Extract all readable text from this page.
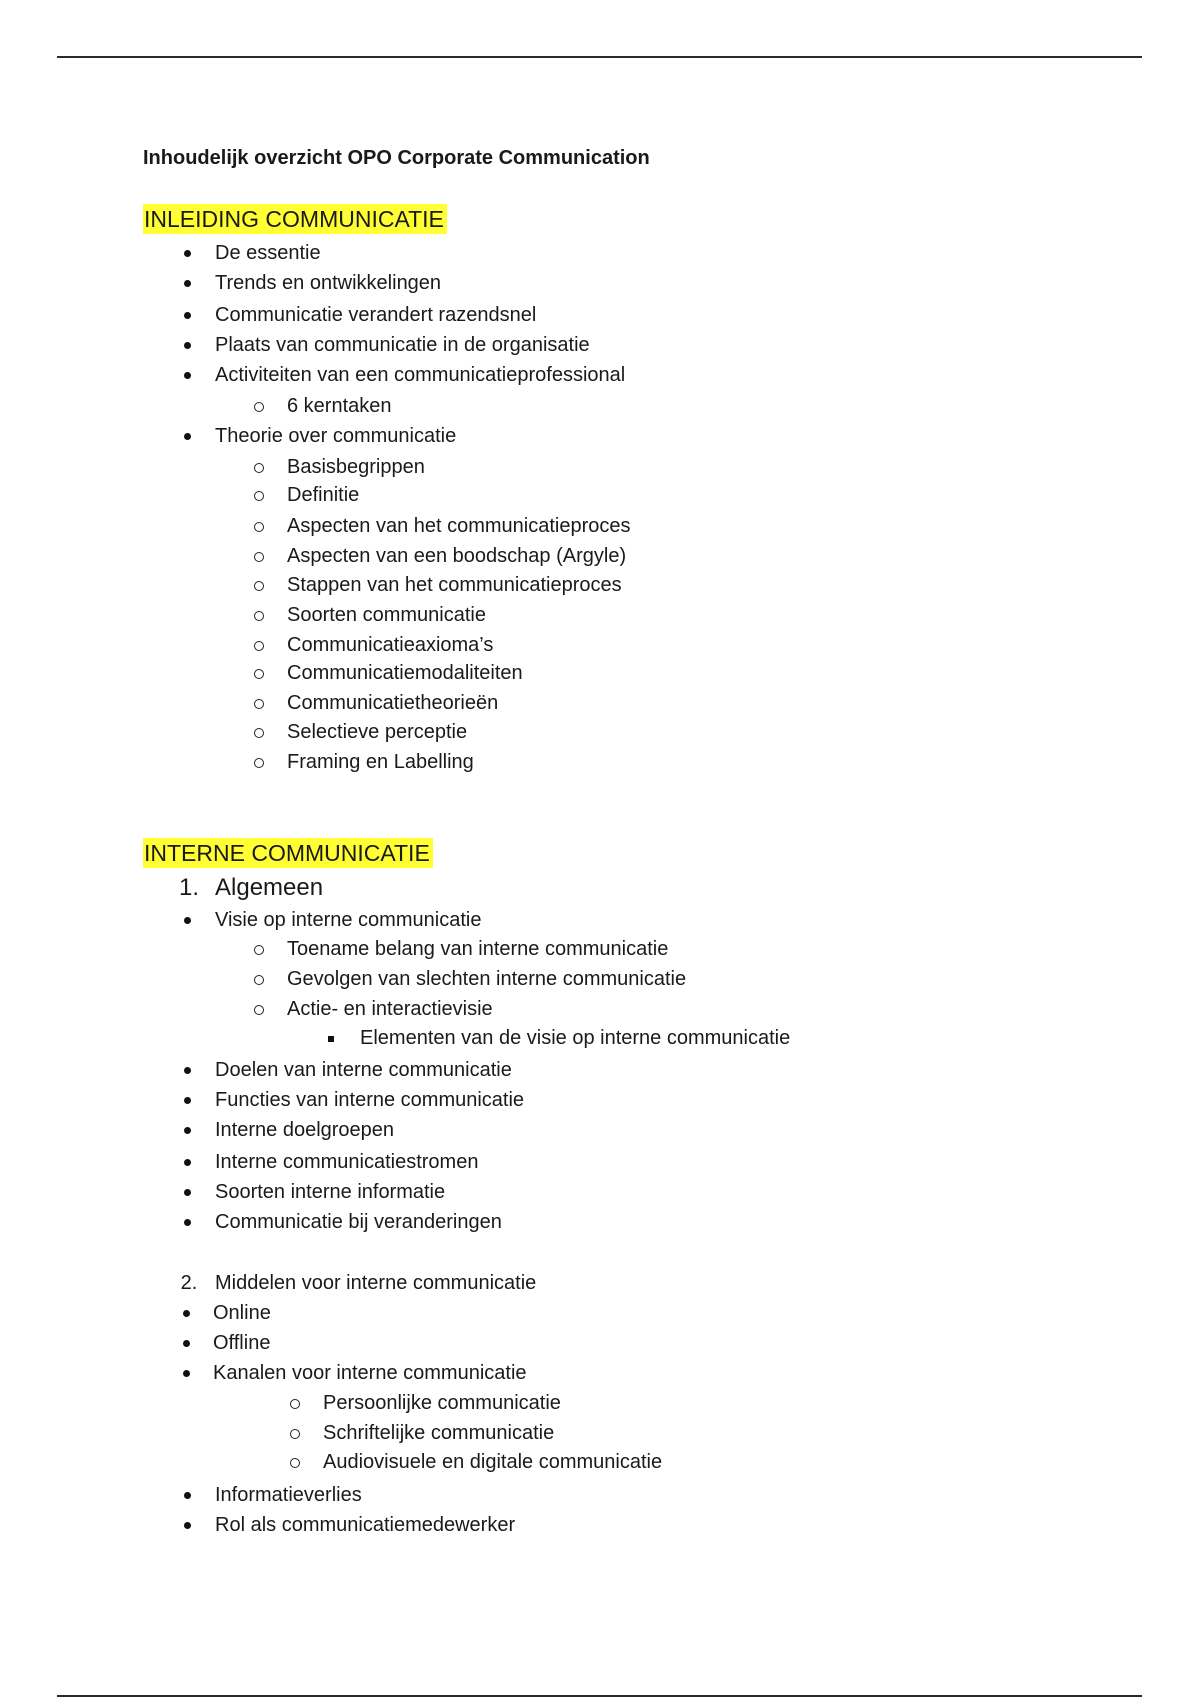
Inhoudelijk overzicht OPO Corporate Communication
INLEIDING COMMUNICATIE
De essentie
Trends en ontwikkelingen
Communicatie verandert razendsnel
Plaats van communicatie in de organisatie
Activiteiten van een communicatieprofessional
6 kerntaken
Theorie over communicatie
Basisbegrippen
Definitie
Aspecten van het communicatieproces
Aspecten van een boodschap (Argyle)
Stappen van het communicatieproces
Soorten communicatie
Communicatieaxioma’s
Communicatiemodaliteiten
Communicatietheorieën
Selectieve perceptie
Framing en Labelling
INTERNE COMMUNICATIE
1. Algemeen
Visie op interne communicatie
Toename belang van interne communicatie
Gevolgen van slechten interne communicatie
Actie- en interactievisie
Elementen van de visie op interne communicatie
Doelen van interne communicatie
Functies van interne communicatie
Interne doelgroepen
Interne communicatiestromen
Soorten interne informatie
Communicatie bij veranderingen
2. Middelen voor interne communicatie
Online
Offline
Kanalen voor interne communicatie
Persoonlijke communicatie
Schriftelijke communicatie
Audiovisuele en digitale communicatie
Informatieverlies
Rol als communicatiemedewerker
